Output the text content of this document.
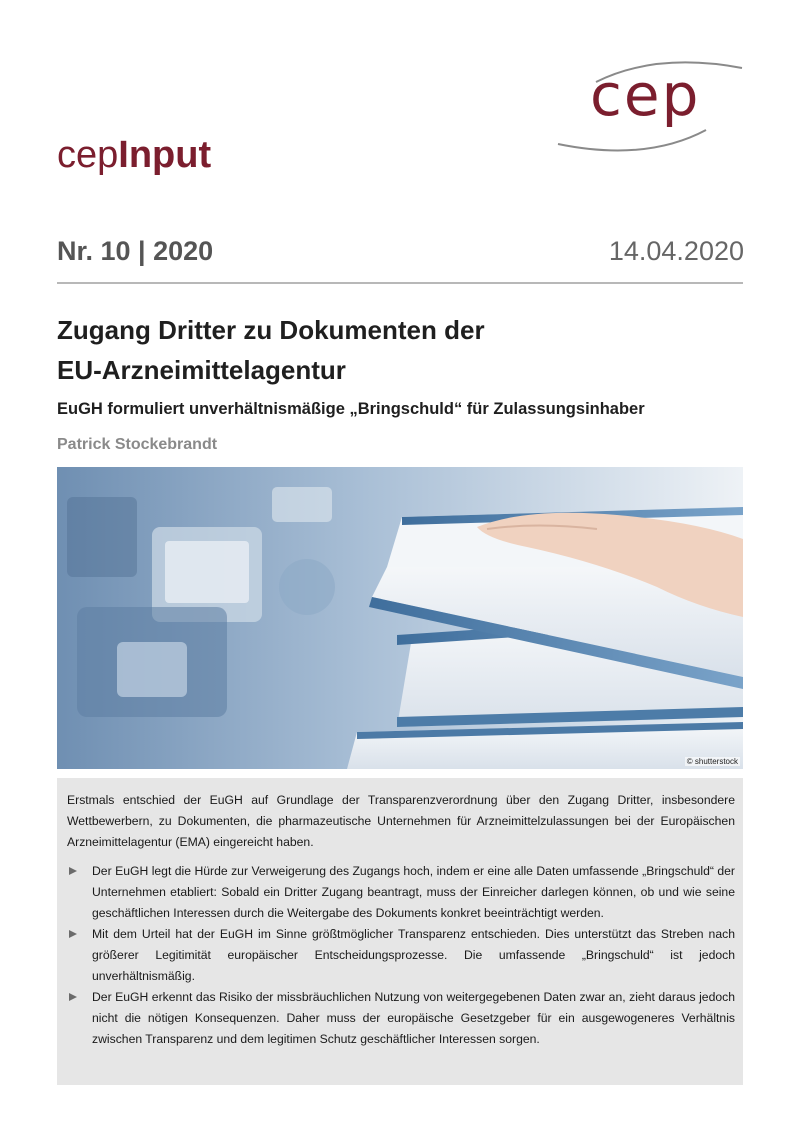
cep
cepInput
Nr. 10 | 2020	14.04.2020
Zugang Dritter zu Dokumenten der
EU-Arzneimittelagentur
EuGH formuliert unverhältnismäßige „Bringschuld“ für Zulassungsinhaber
Patrick Stockebrandt
© shutterstock

Erstmals entschied der EuGH auf Grundlage der Transparenzverordnung über den Zugang Dritter, insbesondere Wettbewerbern, zu Dokumenten, die pharmazeutische Unternehmen für Arzneimittelzulassungen bei der Europäischen Arzneimittelagentur (EMA) eingereicht haben.

Der EuGH legt die Hürde zur Verweigerung des Zugangs hoch, indem er eine alle Daten umfassende „Bringschuld“ der Unternehmen etabliert: Sobald ein Dritter Zugang beantragt, muss der Einreicher darlegen können, ob und wie seine geschäftlichen Interessen durch die Weitergabe des Dokuments konkret beeinträchtigt werden.
Mit dem Urteil hat der EuGH im Sinne größtmöglicher Transparenz entschieden. Dies unterstützt das Streben nach größerer Legitimität europäischer Entscheidungsprozesse. Die umfassende „Bringschuld“ ist jedoch unverhältnismäßig.
Der EuGH erkennt das Risiko der missbräuchlichen Nutzung von weitergegebenen Daten zwar an, zieht daraus jedoch nicht die nötigen Konsequenzen. Daher muss der europäische Gesetzgeber für ein ausgewogeneres Verhältnis zwischen Transparenz und dem legitimen Schutz geschäftlicher Interessen sorgen.
